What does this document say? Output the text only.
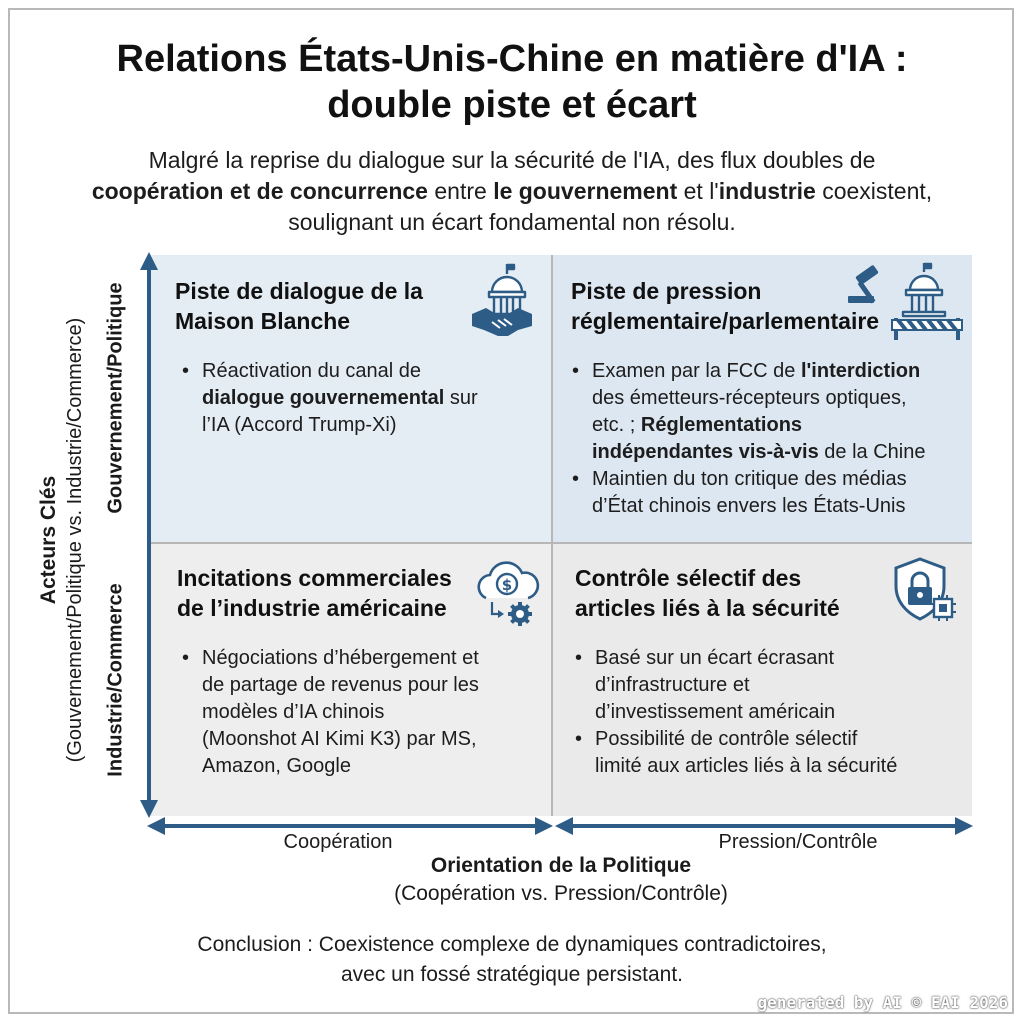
Relations États-Unis-Chine en matière d'IA :
double piste et écart
Malgré la reprise du dialogue sur la sécurité de l'IA, des flux doubles de
coopération et de concurrence entre le gouvernement et l'industrie coexistent,
soulignant un écart fondamental non résolu.
Acteurs Clés (Gouvernement/Politique vs. Industrie/Commerce) Gouvernement/Politique
Industrie/Commerce
Coopération	Pression/Contrôle
Orientation de la Politique
(Coopération vs. Pression/Contrôle)
Piste de dialogue de la
Maison Blanche
• Réactivation du canal de
dialogue gouvernemental sur
l’IA (Accord Trump-Xi)
Piste de pression
réglementaire/parlementaire
• Examen par la FCC de l'interdiction
des émetteurs-récepteurs optiques,
etc. ; Réglementations
indépendantes vis-à-vis de la Chine
• Maintien du ton critique des médias
d’État chinois envers les États-Unis
Incitations commerciales
de l’industrie américaine
$
• Négociations d’hébergement et
de partage de revenus pour les
modèles d’IA chinois
(Moonshot AI Kimi K3) par MS,
Amazon, Google
Contrôle sélectif des
articles liés à la sécurité
• Basé sur un écart écrasant
d’infrastructure et
d’investissement américain
• Possibilité de contrôle sélectif
limité aux articles liés à la sécurité
Conclusion : Coexistence complexe de dynamiques contradictoires,
avec un fossé stratégique persistant.
generated by AI © EAI 2026
